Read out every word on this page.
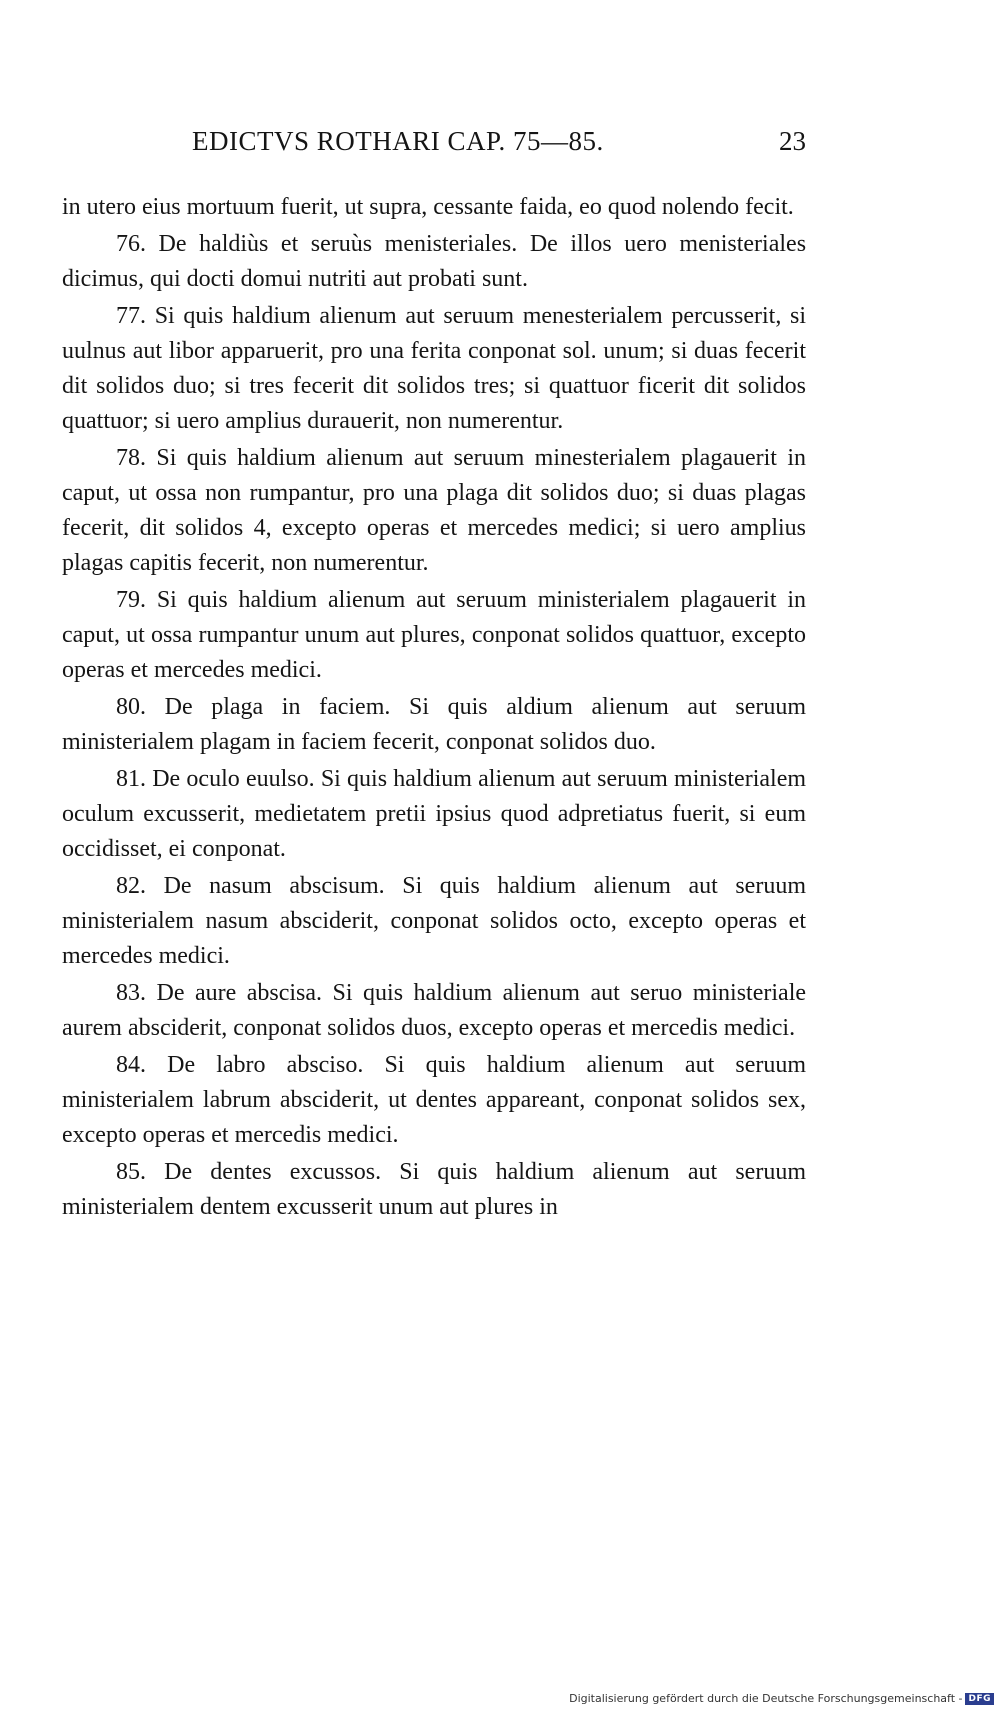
EDICTVS ROTHARI CAP. 75—85.	23

in utero eius mortuum fuerit, ut supra, cessante faida, eo quod nolendo fecit.

76. De haldiùs et seruùs menisteriales. De illos uero menisteriales dicimus, qui docti domui nutriti aut probati sunt.

77. Si quis haldium alienum aut seruum menesterialem percusserit, si uulnus aut libor apparuerit, pro una ferita conponat sol. unum; si duas fecerit dit solidos duo; si tres fecerit dit solidos tres; si quattuor ficerit dit solidos quattuor; si uero amplius durauerit, non numerentur.

78. Si quis haldium alienum aut seruum minesterialem plagauerit in caput, ut ossa non rumpantur, pro una plaga dit solidos duo; si duas plagas fecerit, dit solidos 4, excepto operas et mercedes medici; si uero amplius plagas capitis fecerit, non numerentur.

79. Si quis haldium alienum aut seruum ministerialem plagauerit in caput, ut ossa rumpantur unum aut plures, conponat solidos quattuor, excepto operas et mercedes medici.

80. De plaga in faciem. Si quis aldium alienum aut seruum ministerialem plagam in faciem fecerit, conponat solidos duo.

81. De oculo euulso. Si quis haldium alienum aut seruum ministerialem oculum excusserit, medietatem pretii ipsius quod adpretiatus fuerit, si eum occidisset, ei conponat.

82. De nasum abscisum. Si quis haldium alienum aut seruum ministerialem nasum absciderit, conponat solidos octo, excepto operas et mercedes medici.

83. De aure abscisa. Si quis haldium alienum aut seruo ministeriale aurem absciderit, conponat solidos duos, excepto operas et mercedis medici.

84. De labro absciso. Si quis haldium alienum aut seruum ministerialem labrum absciderit, ut dentes appareant, conponat solidos sex, excepto operas et mercedis medici.

85. De dentes excussos. Si quis haldium alienum aut seruum ministerialem dentem excusserit unum aut plures in

Digitalisierung gefördert durch die Deutsche Forschungsgemeinschaft - DFG
